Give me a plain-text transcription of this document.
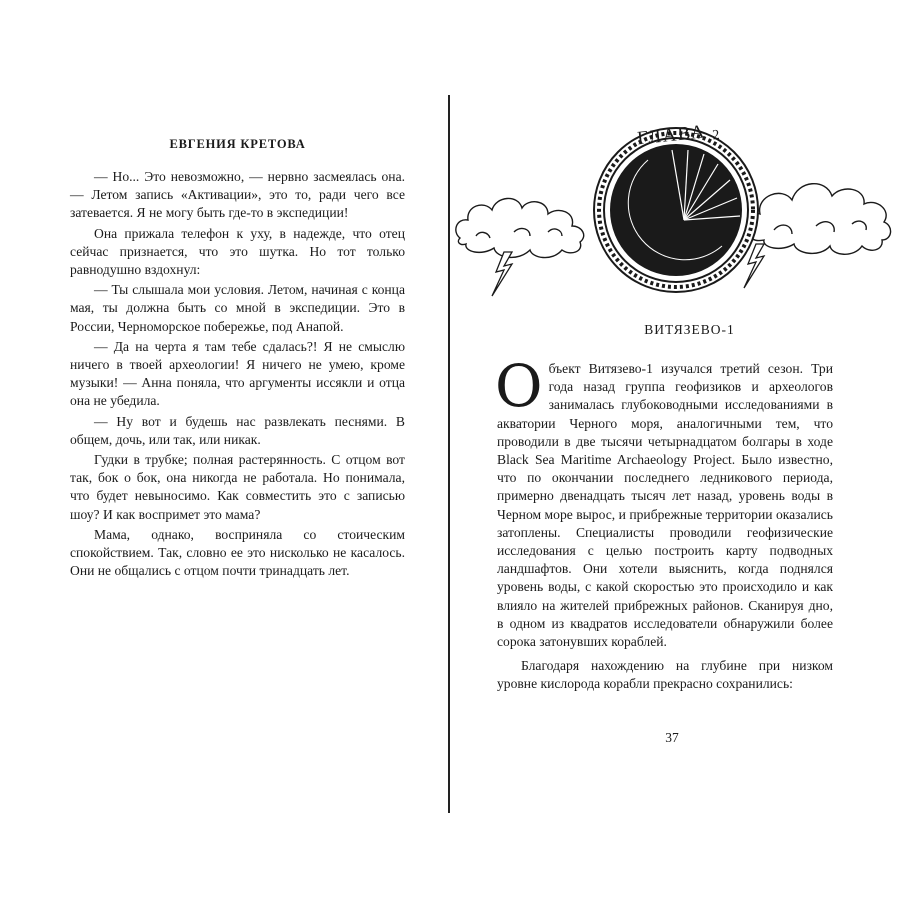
ЕВГЕНИЯ КРЕТОВА

— Но... Это невозможно, — нервно засмеялась она. — Летом запись «Активации», это то, ради чего все затевается. Я не могу быть где-то в экспедиции!

Она прижала телефон к уху, в надежде, что отец сейчас признается, что это шутка. Но тот только равнодушно вздохнул:

— Ты слышала мои условия. Летом, начиная с конца мая, ты должна быть со мной в экспедиции. Это в России, Черноморское побережье, под Анапой.

— Да на черта я там тебе сдалась?! Я не смыслю ничего в твоей археологии! Я ничего не умею, кроме музыки! — Анна поняла, что аргументы иссякли и отца она не убедила.

— Ну вот и будешь нас развлекать песнями. В общем, дочь, или так, или никак.

Гудки в трубке; полная растерянность. С отцом вот так, бок о бок, она никогда не работала. Но понимала, что будет невыносимо. Как совместить это с записью шоу? И как воспримет это мама?

Мама, однако, восприняла со стоическим спокойствием. Так, словно ее это нисколько не касалось. Они не общались с отцом почти тринадцать лет.

ГЛАВА 2
ВИТЯЗЕВО-1

Объект Витязево-1 изучался третий сезон. Три года назад группа геофизиков и археологов занималась глубоководными исследованиями в акватории Черного моря, аналогичными тем, что проводили в две тысячи четырнадцатом болгары в ходе Black Sea Maritime Archaeology Project. Было известно, что по окончании последнего ледникового периода, примерно двенадцать тысяч лет назад, уровень воды в Черном море вырос, и прибрежные территории оказались затоплены. Специалисты проводили геофизические исследования с целью построить карту подводных ландшафтов. Они хотели выяснить, когда поднялся уровень воды, с какой скоростью это происходило и как влияло на жителей прибрежных районов. Сканируя дно, в одном из квадратов исследователи обнаружили более сорока затонувших кораблей.

Благодаря нахождению на глубине при низком уровне кислорода корабли прекрасно сохранились:

37
